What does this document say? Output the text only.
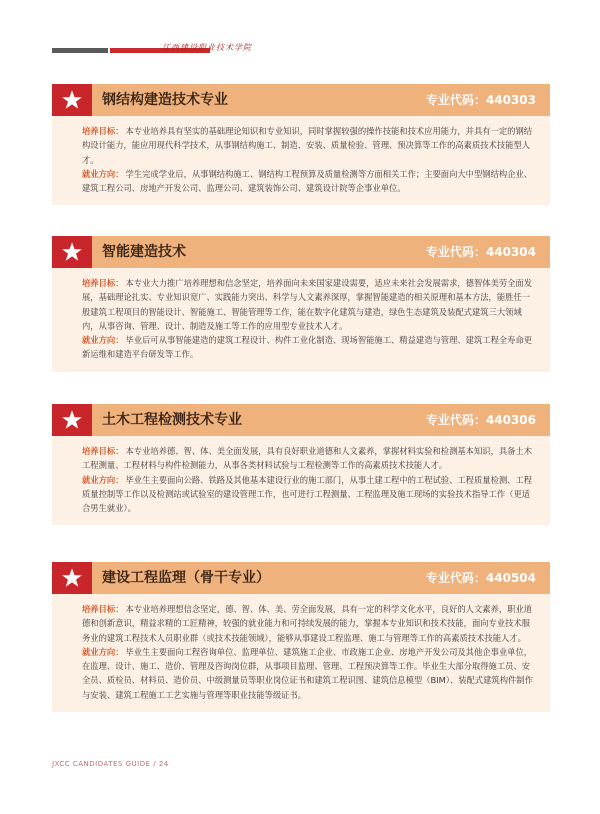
江西建设职业技术学院
钢结构建造技术专业	专业代码：440303

培养目标： 本专业培养具有坚实的基础理论知识和专业知识，同时掌握较强的操作技能和技术应用能力，并具有一定的钢结构设计能力，能应用现代科学技术，从事钢结构施工、制造、安装、质量检验、管理、预决算等工作的高素质技术技能型人才。

就业方向： 学生完成学业后，从事钢结构施工、钢结构工程预算及质量检测等方面相关工作；主要面向大中型钢结构企业、建筑工程公司、房地产开发公司、监理公司、建筑装饰公司、建筑设计院等企事业单位。

智能建造技术	专业代码：440304

培养目标： 本专业大力推广培养理想和信念坚定，培养面向未来国家建设需要，适应未来社会发展需求，德智体美劳全面发展，基础理论扎实、专业知识宽广、实践能力突出、科学与人文素养深厚，掌握智能建造的相关原理和基本方法，能胜任一般建筑工程项目的智能设计、智能施工、智能管理等工作，能在数字化建筑与建造，绿色生态建筑及装配式建筑三大领域内，从事咨询、管理、设计、制造及施工等工作的应用型专业技术人才。

就业方向： 毕业后可从事智能建造的建筑工程设计、构件工业化制造、现场智能施工、精益建造与管理、建筑工程全寿命更新运维和建造平台研发等工作。

土木工程检测技术专业	专业代码：440306

培养目标： 本专业培养德、智、体、美全面发展，具有良好职业道德和人文素养，掌握材料实验和检测基本知识，具备土木工程测量、工程材料与构件检测能力，从事各类材料试验与工程检测等工作的高素质技术技能人才。

就业方向： 毕业生主要面向公路、铁路及其他基本建设行业的施工部门，从事土建工程中的工程试验、工程质量检测、工程质量控制等工作以及检测站或试验室的建设管理工作，也可进行工程测量、工程监理及施工现场的实验技术指导工作（更适合男生就业）。

建设工程监理（骨干专业）	专业代码：440504

培养目标： 本专业培养理想信念坚定，德、智、体、美、劳全面发展，具有一定的科学文化水平，良好的人文素养，职业道德和创新意识，精益求精的工匠精神，较强的就业能力和可持续发展的能力，掌握本专业知识和技术技能，面向专业技术服务业的建筑工程技术人员职业群（或技术技能领域），能够从事建设工程监理、施工与管理等工作的高素质技术技能人才。

就业方向： 毕业生主要面向工程咨询单位、监理单位、建筑施工企业、市政施工企业、房地产开发公司及其他企事业单位，在监理、设计、施工、造价、管理及咨询岗位群，从事项目监理、管理、工程预决算等工作。毕业生大部分取得施工员、安全员、质检员、材料员、造价员、中级测量员等职业岗位证书和建筑工程识图、建筑信息模型（BIM）、装配式建筑构件制作与安装、建筑工程施工工艺实施与管理等职业技能等级证书。

JXCC CANDIDATES GUIDE / 24
